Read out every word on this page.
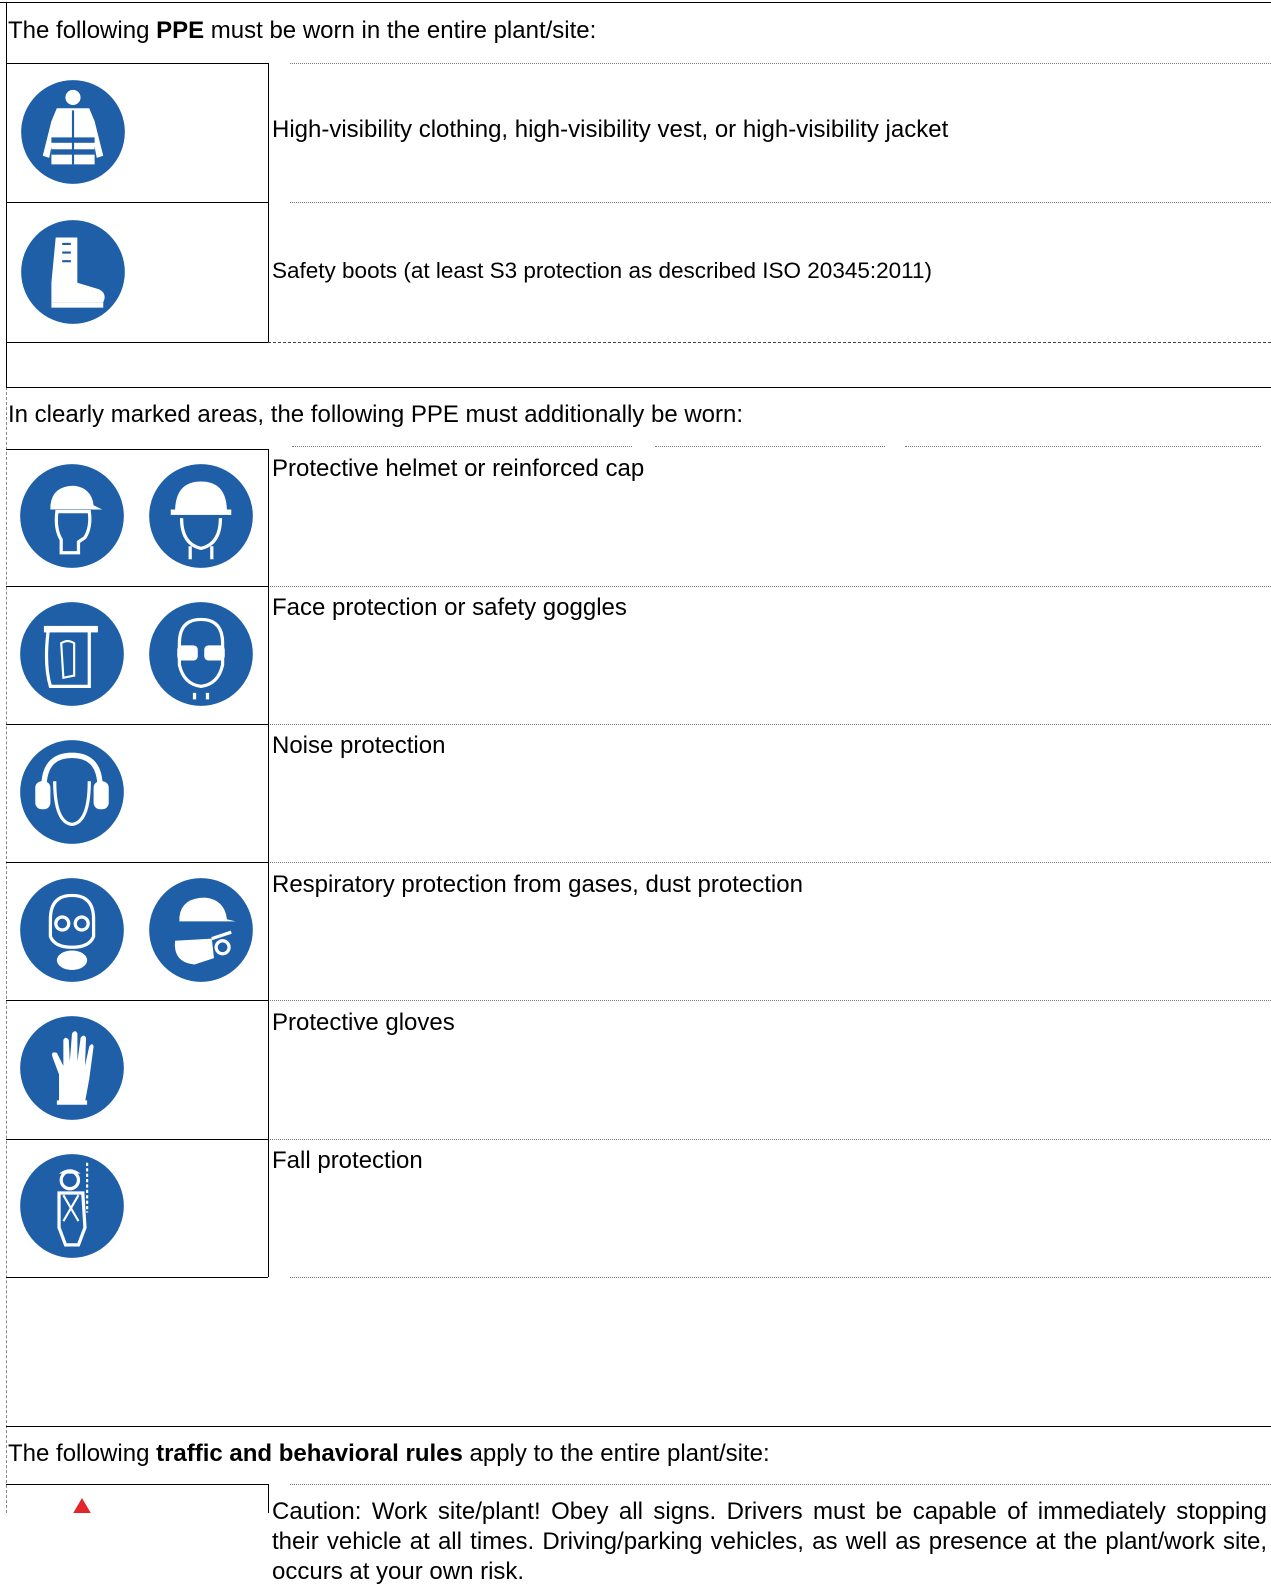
The following PPE must be worn in the entire plant/site:
In clearly marked areas, the following PPE must additionally be worn:
The following traffic and behavioral rules apply to the entire plant/site:
High-visibility clothing, high-visibility vest, or high-visibility jacket
Safety boots (at least S3 protection as described ISO 20345:2011)
Protective helmet or reinforced cap
Face protection or safety goggles
Noise protection
Respiratory protection from gases, dust protection
Protective gloves
Fall protection
Caution: Work site/plant! Obey all signs. Drivers must be capable of immediately stopping their vehicle at all times. Driving/parking vehicles, as well as presence at the plant/work site, occurs at your own risk.
